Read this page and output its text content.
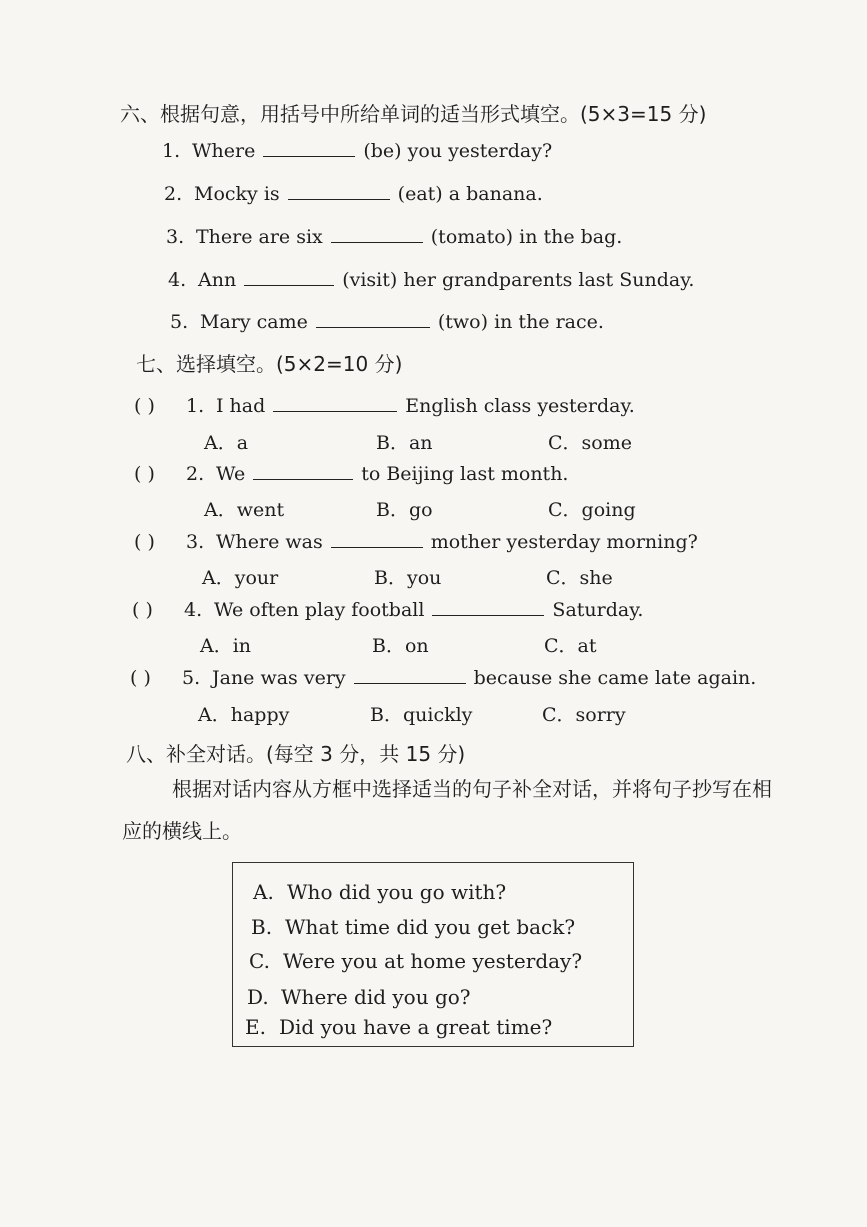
六、根据句意，用括号中所给单词的适当形式填空。(5×3=15 分)
1. Where	(be) you yesterday?
2. Mocky is	(eat) a banana.
3. There are six	(tomato) in the bag.
4. Ann	(visit) her grandparents last Sunday.
5. Mary came	(two) in the race.
七、选择填空。(5×2=10 分)
( ) 1. I had	English class yesterday.
A．a	B．an	C．some
( ) 2. We	to Beijing last month.
A．went	B．go	C．going
( ) 3. Where was	mother yesterday morning?
A．your	B．you	C．she
( ) 4. We often play football	Saturday.
A．in	B．on	C．at
( ) 5. Jane was very	because she came late again.
A．happy	B．quickly	C．sorry
八、补全对话。(每空 3 分，共 15 分)
根据对话内容从方框中选择适当的句子补全对话，并将句子抄写在相应的横线上。
A. Who did you go with?
B. What time did you get back?
C. Were you at home yesterday?
D. Where did you go?
E. Did you have a great time?
